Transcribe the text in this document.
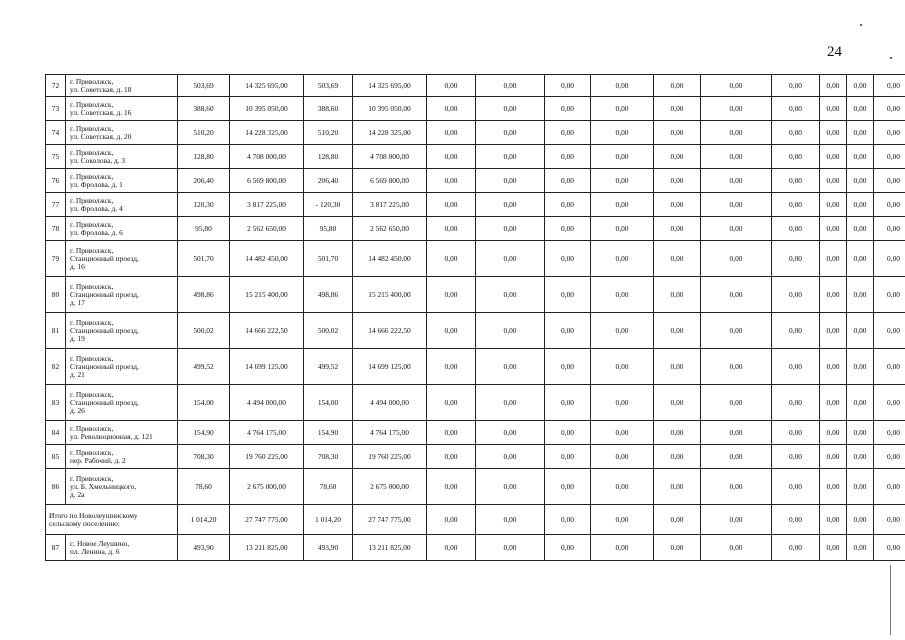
24
72	г. Приволжск,
ул. Советская, д. 18	503,69	14 325 695,00	503,69	14 325 695,00	0,00	0,00	0,00	0,00	0,00	0,00	0,00	0,00	0,00	0,00
73	г. Приволжск,
ул. Советская, д. 16	388,60	10 395 050,00	388,60	10 395 050,00	0,00	0,00	0,00	0,00	0,00	0,00	0,00	0,00	0,00	0,00
74	г. Приволжск,
ул. Советская, д. 20	510,20	14 228 325,00	510,20	14 228 325,00	0,00	0,00	0,00	0,00	0,00	0,00	0,00	0,00	0,00	0,00
75	г. Приволжск,
ул. Соколова, д. 3	128,80	4 708 000,00	128,80	4 708 000,00	0,00	0,00	0,00	0,00	0,00	0,00	0,00	0,00	0,00	0,00
76	г. Приволжск,
ул. Фролова, д. 1	206,40	6 569 800,00	206,40	6 569 800,00	0,00	0,00	0,00	0,00	0,00	0,00	0,00	0,00	0,00	0,00
77	г. Приволжск,
ул. Фролова, д. 4	120,30	3 817 225,00	- 120,30	3 817 225,00	0,00	0,00	0,00	0,00	0,00	0,00	0,00	0,00	0,00	0,00
78	г. Приволжск,
ул. Фролова, д. 6	95,80	2 562 650,00	95,80	2 562 650,00	0,00	0,00	0,00	0,00	0,00	0,00	0,00	0,00	0,00	0,00
79	г. Приволжск,
Станционный проезд,
д. 16	501,70	14 482 450,00	501,70	14 482 450,00	0,00	0,00	0,00	0,00	0,00	0,00	0,00	0,00	0,00	0,00
80	г. Приволжск,
Станционный проезд,
д. 17	498,86	15 215 400,00	498,86	15 215 400,00	0,00	0,00	0,00	0,00	0,00	0,00	0,00	0,00	0,00	0,00
81	г. Приволжск,
Станционный проезд,
д. 19	500,02	14 666 222,50	500,02	14 666 222,50	0,00	0,00	0,00	0,00	0,00	0,00	0,00	0,00	0,00	0,00
82	г. Приволжск,
Станционный проезд,
д. 21	499,52	14 699 125,00	499,52	14 699 125,00	0,00	0,00	0,00	0,00	0,00	0,00	0,00	0,00	0,00	0,00
83	г. Приволжск,
Станционный проезд,
д. 26	154,00	4 494 000,00	154,00	4 494 000,00	0,00	0,00	0,00	0,00	0,00	0,00	0,00	0,00	0,00	0,00
84	г. Приволжск,
ул. Революционная, д. 121	154,90	4 764 175,00	154,90	4 764 175,00	0,00	0,00	0,00	0,00	0,00	0,00	0,00	0,00	0,00	0,00
85	г. Приволжск,
пер. Рабочий, д. 2	708,30	19 760 225,00	708,30	19 760 225,00	0,00	0,00	0,00	0,00	0,00	0,00	0,00	0,00	0,00	0,00
86	г. Приволжск,
ул. Б. Хмельницкого,
д. 2а	78,60	2 675 000,00	78,60	2 675 000,00	0,00	0,00	0,00	0,00	0,00	0,00	0,00	0,00	0,00	0,00
Итого по Новолеушинскому
сельскому поселению:		1 014,20	27 747 775,00	1 014,20	27 747 775,00	0,00	0,00	0,00	0,00	0,00	0,00	0,00	0,00	0,00	0,00
87	с. Новое Леушино,
пл. Ленина, д. 6	493,90	13 211 825,00	493,90	13 211 825,00	0,00	0,00	0,00	0,00	0,00	0,00	0,00	0,00	0,00	0,00
